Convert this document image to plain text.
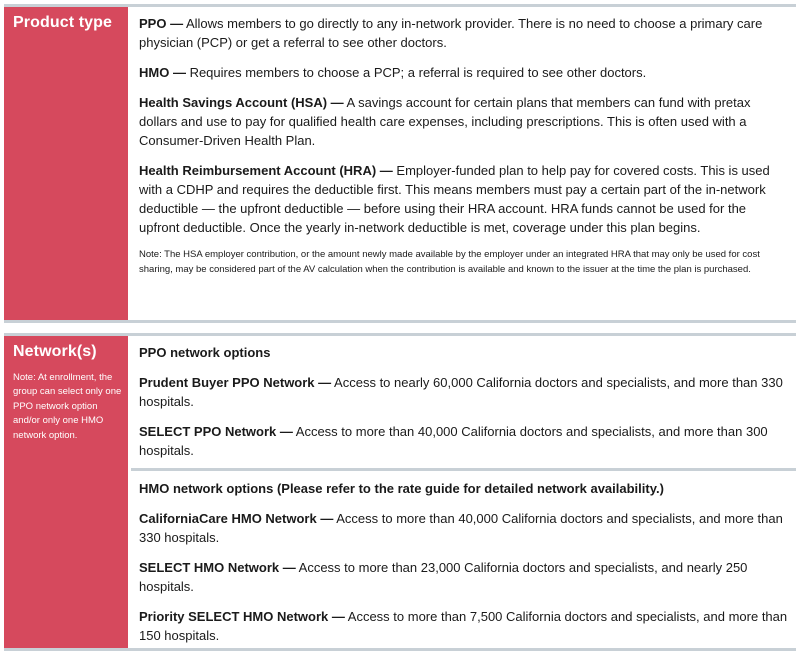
Product type	PPO — Allows members to go directly to any in-network provider. There is no need to choose a primary care physician (PCP) or get a referral to see other doctors.

HMO — Requires members to choose a PCP; a referral is required to see other doctors.

Health Savings Account (HSA) — A savings account for certain plans that members can fund with pretax dollars and use to pay for qualified health care expenses, including prescriptions. This is often used with a Consumer-Driven Health Plan.

Health Reimbursement Account (HRA) — Employer-funded plan to help pay for covered costs. This is used with a CDHP and requires the deductible first. This means members must pay a certain part of the in-network deductible — the upfront deductible — before using their HRA account. HRA funds cannot be used for the upfront deductible. Once the yearly in-network deductible is met, coverage under this plan begins.

Note: The HSA employer contribution, or the amount newly made available by the employer under an integrated HRA that may only be used for cost sharing, may be considered part of the AV calculation when the contribution is available and known to the issuer at the time the plan is purchased.

Network(s)
Note: At enrollment, the group can select only one PPO network option and/or only one HMO network option.

PPO network options

Prudent Buyer PPO Network — Access to nearly 60,000 California doctors and specialists, and more than 330 hospitals.

SELECT PPO Network — Access to more than 40,000 California doctors and specialists, and more than 300 hospitals.

HMO network options (Please refer to the rate guide for detailed network availability.)

CaliforniaCare HMO Network — Access to more than 40,000 California doctors and specialists, and more than 330 hospitals.

SELECT HMO Network — Access to more than 23,000 California doctors and specialists, and nearly 250 hospitals.

Priority SELECT HMO Network — Access to more than 7,500 California doctors and specialists, and more than 150 hospitals.
